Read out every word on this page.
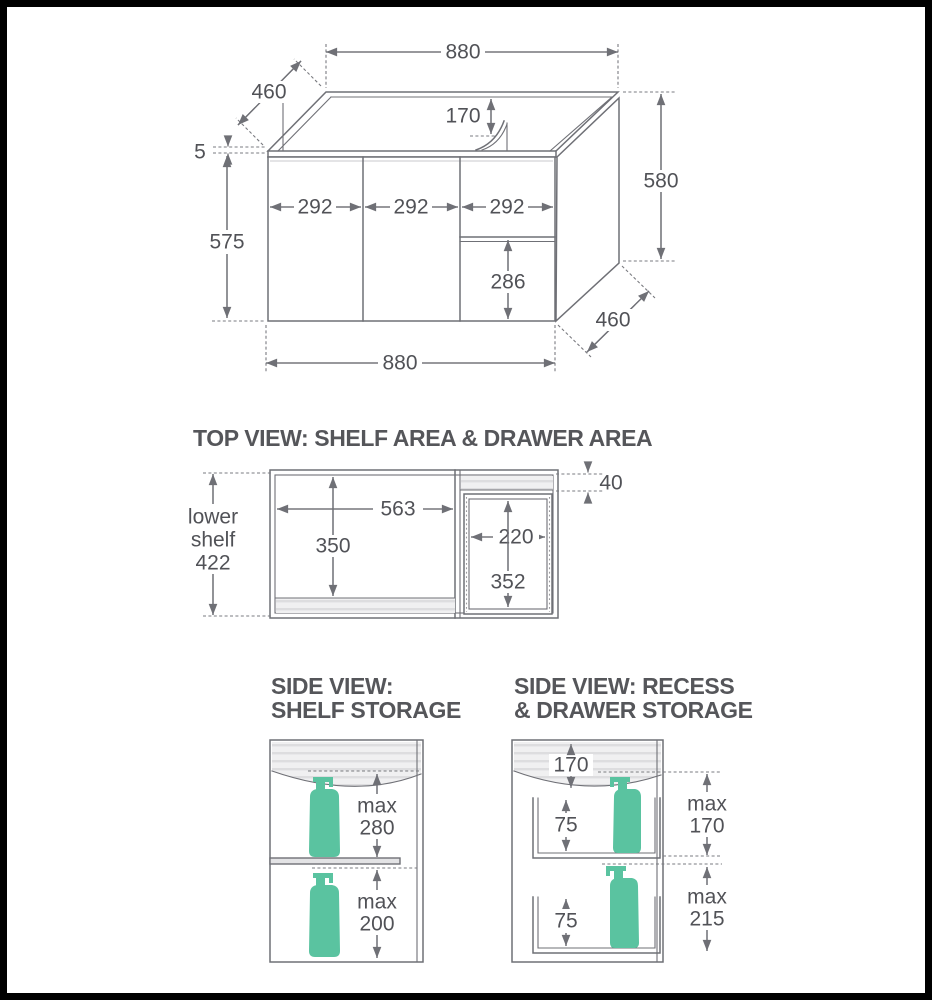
880
460
170
5
575
292	292	292
286
580
460
880
TOP VIEW: SHELF AREA & DRAWER AREA
563
350
40
220
352
lower
shelf
422
SIDE VIEW:
SHELF STORAGE
max
280
max
200
SIDE VIEW: RECESS
& DRAWER STORAGE
170
75
75
max
170
max
215
